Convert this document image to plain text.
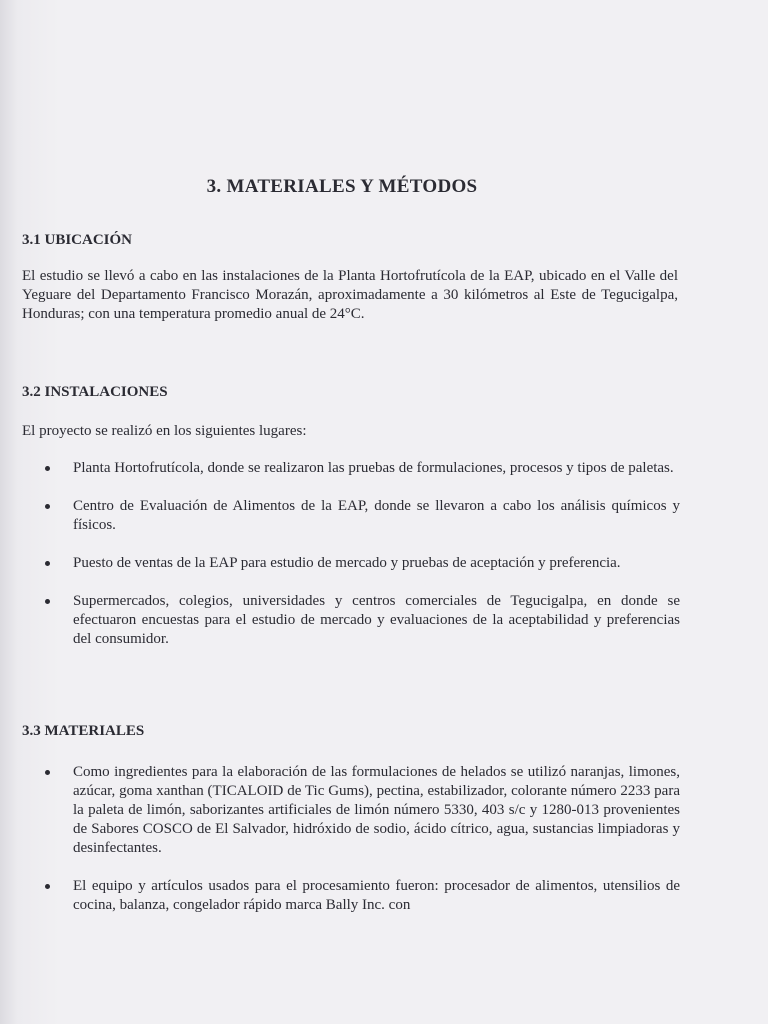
3. MATERIALES Y MÉTODOS
3.1 UBICACIÓN

El estudio se llevó a cabo en las instalaciones de la Planta Hortofrutícola de la EAP, ubicado en el Valle del Yeguare del Departamento Francisco Morazán, aproximadamente a 30 kilómetros al Este de Tegucigalpa, Honduras; con una temperatura promedio anual de 24°C.

3.2 INSTALACIONES

El proyecto se realizó en los siguientes lugares:

Planta Hortofrutícola, donde se realizaron las pruebas de formulaciones, procesos y tipos de paletas.
Centro de Evaluación de Alimentos de la EAP, donde se llevaron a cabo los análisis químicos y físicos.
Puesto de ventas de la EAP para estudio de mercado y pruebas de aceptación y preferencia.
Supermercados, colegios, universidades y centros comerciales de Tegucigalpa, en donde se efectuaron encuestas para el estudio de mercado y evaluaciones de la aceptabilidad y preferencias del consumidor.
3.3 MATERIALES
Como ingredientes para la elaboración de las formulaciones de helados se utilizó naranjas, limones, azúcar, goma xanthan (TICALOID de Tic Gums), pectina, estabilizador, colorante número 2233 para la paleta de limón, saborizantes artificiales de limón número 5330, 403 s/c y 1280-013 provenientes de Sabores COSCO de El Salvador, hidróxido de sodio, ácido cítrico, agua, sustancias limpiadoras y desinfectantes.
El equipo y artículos usados para el procesamiento fueron: procesador de alimentos, utensilios de cocina, balanza, congelador rápido marca Bally Inc. con
